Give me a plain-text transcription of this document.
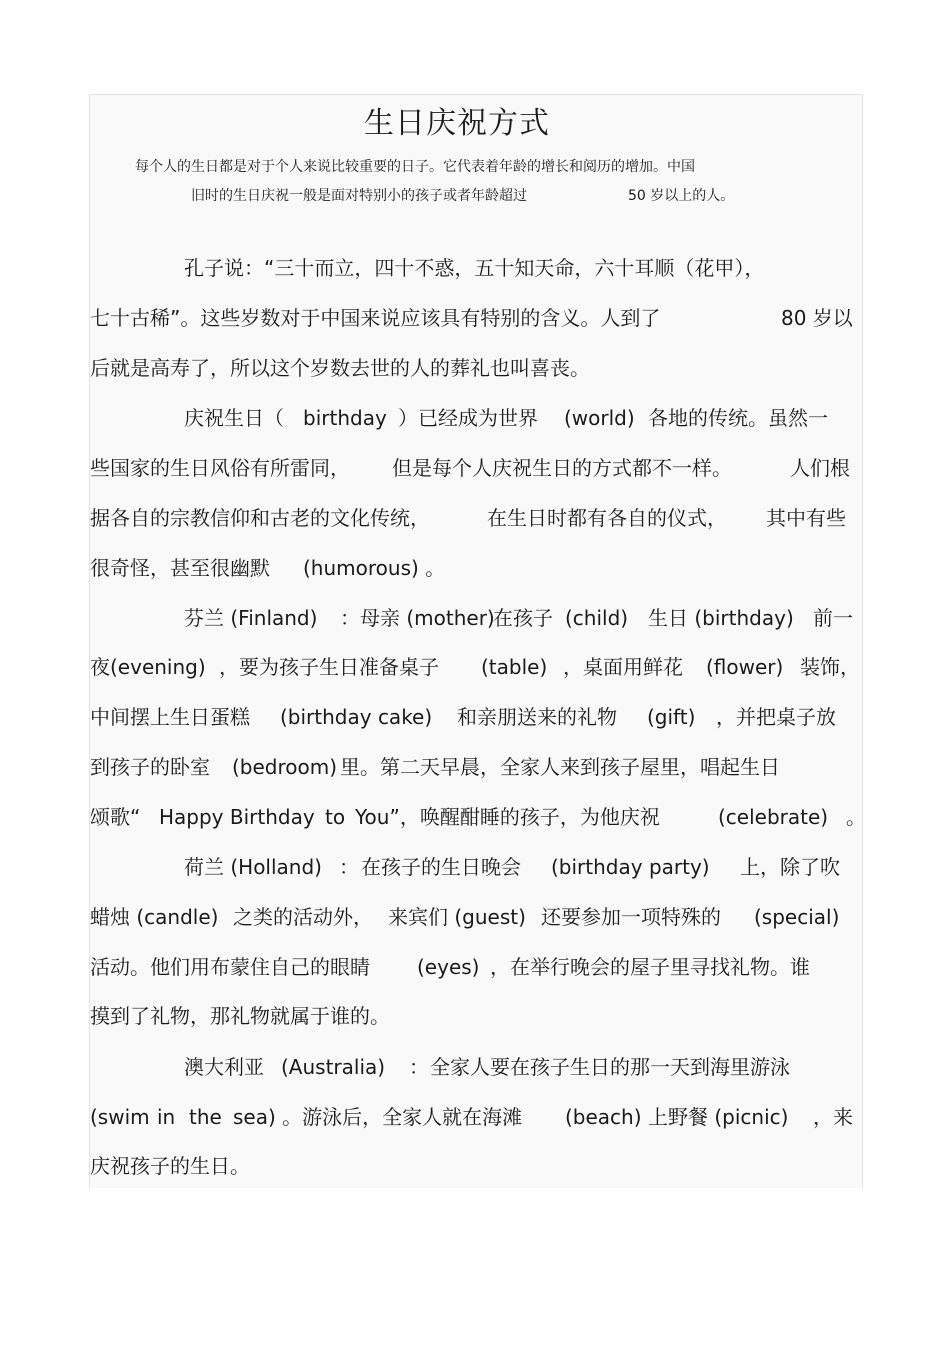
生日庆祝方式
每个人的生日都是对于个人来说比较重要的日子。它代表着年龄的增长和阅历的增加。中国
旧时的生日庆祝一般是面对特别小的孩子或者年龄超过	50 岁以上的人。
孔子说：“三十而立，四十不惑，五十知天命，六十耳顺（花甲），
七十古稀”。这些岁数对于中国来说应该具有特别的含义。人到了	80 岁以
后就是高寿了，所以这个岁数去世的人的葬礼也叫喜丧。
庆祝生日（ birthday ）已经成为世界 (world) 各地的传统。虽然一
些国家的生日风俗有所雷同， 但是每个人庆祝生日的方式都不一样。	人们根
据各自的宗教信仰和古老的文化传统，	在生日时都有各自的仪式， 其中有些
很奇怪，甚至很幽默 (humorous) 。
芬兰 (Finland) ：母亲 (mother)
在孩子 (child) 生日 (birthday) 前一
夜(evening) ，要为孩子生日准备桌子 (table) ，桌面用鲜花 (flower) 装饰，
中间摆上生日蛋糕 (birthday cake) 和亲朋送来的礼物 (gift) ，并把桌子放
到孩子的卧室 (bedroom) 里。第二天早晨，全家人来到孩子屋里，唱起生日
颂歌“ Happy Birthday to You”，唤醒酣睡的孩子，为他庆祝	(celebrate) 。
荷兰 (Holland) ： 在孩子的生日晚会 (birthday party) 上，除了吹
蜡烛 (candle) 之类的活动外， 来宾们 (guest) 还要参加一项特殊的 (special)
活动。他们用布蒙住自己的眼睛 (eyes) ，在举行晚会的屋子里寻找礼物。谁
摸到了礼物，那礼物就属于谁的。
澳大利亚 (Australia) ： 全家人要在孩子生日的那一天到海里游泳
(swim in the sea) 。游泳后，全家人就在海滩 (beach) 上野餐 (picnic) ，来
庆祝孩子的生日。
